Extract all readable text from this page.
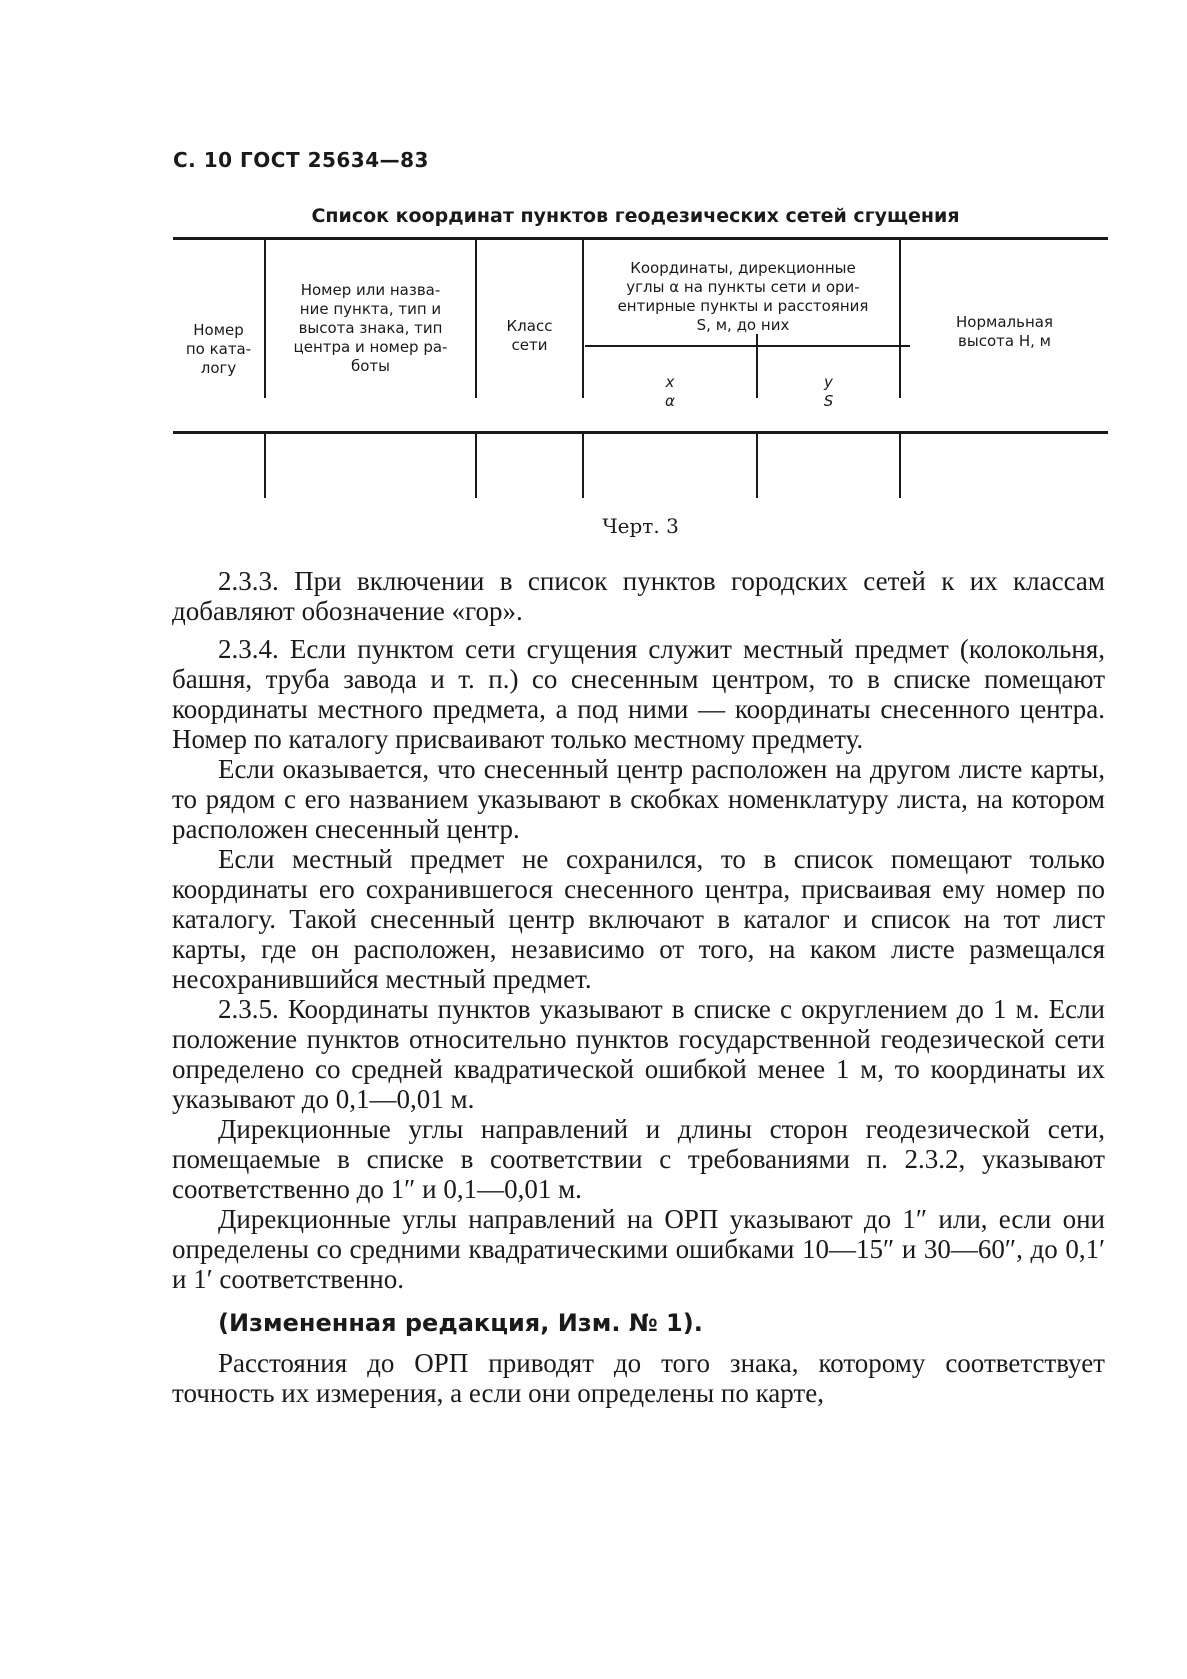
С. 10 ГОСТ 25634—83
Список координат пунктов геодезических сетей сгущения
Номер
по ката-
логу
Номер или назва-
ние пункта, тип и
высота знака, тип
центра и номер ра-
боты
Класс
сети
Координаты, дирекционные
углы α на пункты сети и ори-
ентирные пункты и расстояния
S, м, до них
x
α
y
S
Нормальная
высота H, м
Черт. 3

2.3.3. При включении в список пунктов городских сетей к их классам добавляют обозначение «гор».

2.3.4. Если пунктом сети сгущения служит местный предмет (колокольня, башня, труба завода и т. п.) со снесенным центром, то в списке помещают координаты местного предмета, а под ними — координаты снесенного центра. Номер по каталогу присваивают только местному предмету.

Если оказывается, что снесенный центр расположен на другом листе карты, то рядом с его названием указывают в скобках номенклатуру листа, на котором расположен снесенный центр.

Если местный предмет не сохранился, то в список помещают только координаты его сохранившегося снесенного центра, присваивая ему номер по каталогу. Такой снесенный центр включают в каталог и список на тот лист карты, где он расположен, независимо от того, на каком листе размещался несохранившийся местный предмет.

2.3.5. Координаты пунктов указывают в списке с округлением до 1 м. Если положение пунктов относительно пунктов государственной геодезической сети определено со средней квадратической ошибкой менее 1 м, то координаты их указывают до 0,1—0,01 м.

Дирекционные углы направлений и длины сторон геодезической сети, помещаемые в списке в соответствии с требованиями п. 2.3.2, указывают соответственно до 1″ и 0,1—0,01 м.

Дирекционные углы направлений на ОРП указывают до 1″ или, если они определены со средними квадратическими ошибками 10—15″ и 30—60″, до 0,1′ и 1′ соответственно.

(Измененная редакция, Изм. № 1).

Расстояния до ОРП приводят до того знака, которому соответствует точность их измерения, а если они определены по карте,
